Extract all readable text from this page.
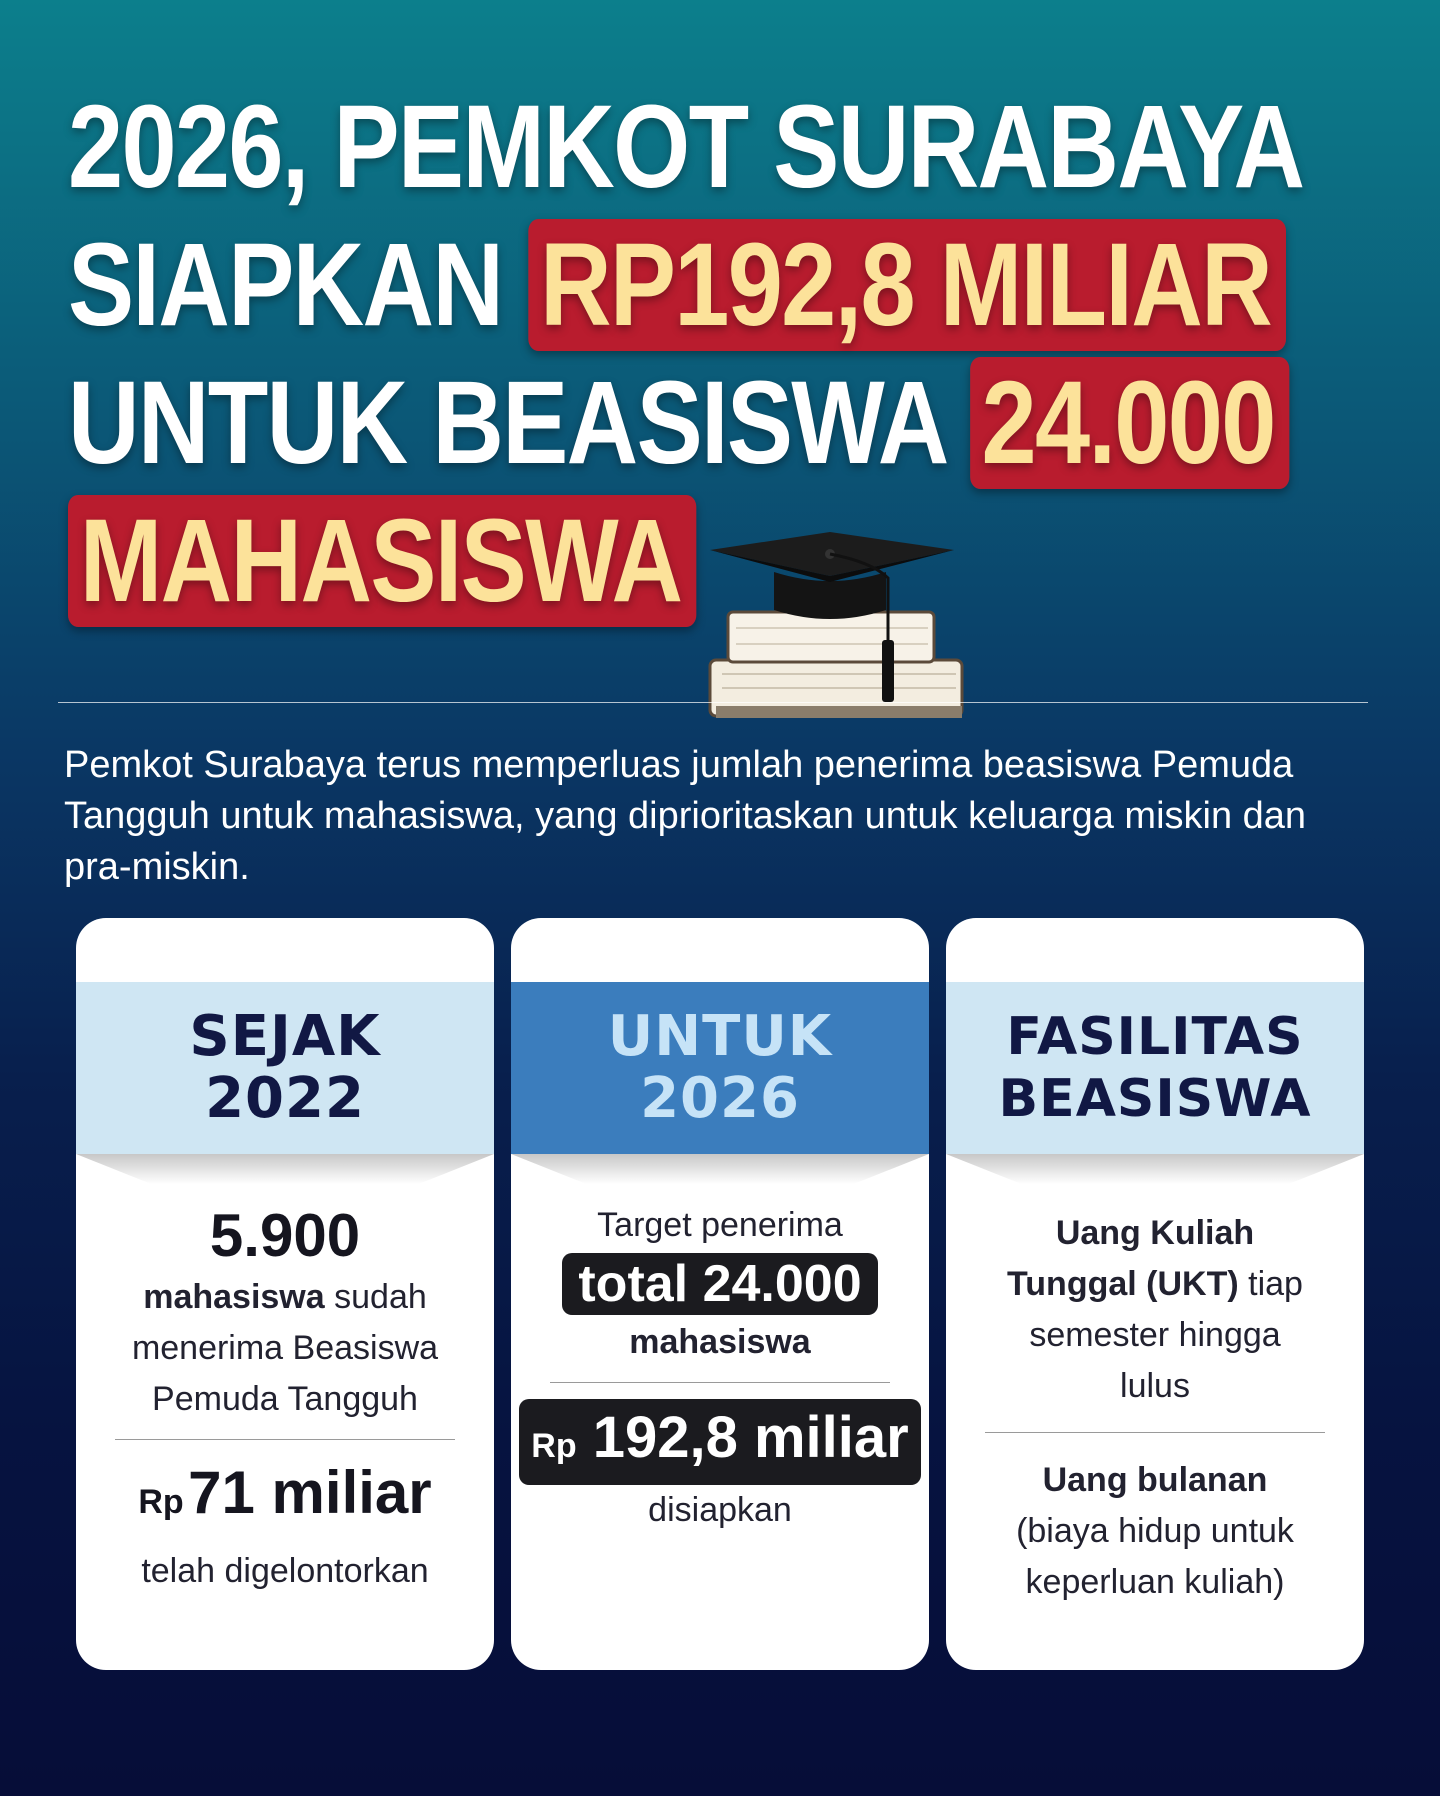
2026, PEMKOT SURABAYA
SIAPKAN RP192,8 MILIAR
UNTUK BEASISWA 24.000
MAHASISWA
Pemkot Surabaya terus memperluas jumlah penerima beasiswa Pemuda Tangguh untuk mahasiswa, yang diprioritaskan untuk keluarga miskin dan pra-miskin.
SEJAK
2022
5.900
mahasiswa sudah
menerima Beasiswa
Pemuda Tangguh
Rp 71 miliar
telah digelontorkan
UNTUK
2026
Target penerima
total 24.000
mahasiswa
Rp 192,8 miliar
disiapkan
FASILITAS
BEASISWA
Uang Kuliah
Tunggal (UKT) tiap
semester hingga
lulus
Uang bulanan
(biaya hidup untuk
keperluan kuliah)
